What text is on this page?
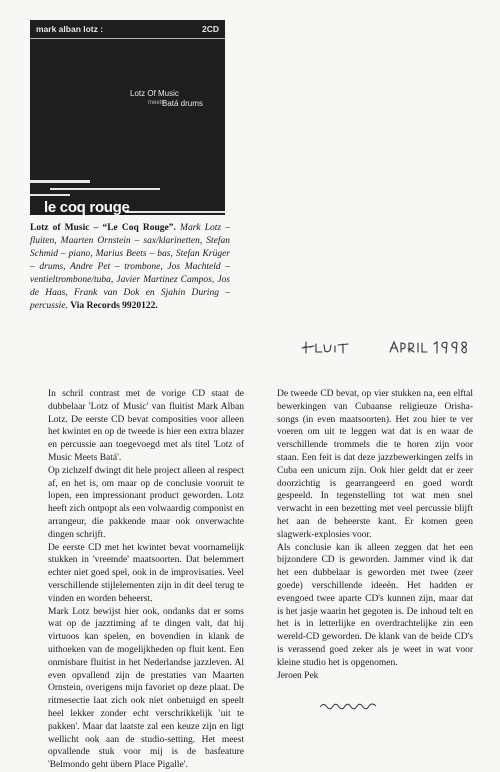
mark alban lotz :	2CD
Lotz Of Music
meets
Batá drums
le coq rouge
Lotz of Music – “Le Coq Rouge”. Mark Lotz – fluiten, Maarten Ornstein – sax/klarinetten, Stefan Schmid – piano, Marius Beets – bas, Stefan Krüger – drums, Andre Pet – trombone, Jos Machteld – ventieltrombone/tuba, Javier Martinez Campos, Jos de Haas, Frank van Dok en Sjahin During – percussie. Via Records 9920122.

In schril contrast met de vorige CD staat de dubbelaar 'Lotz of Music' van fluitist Mark Alban Lotz. De eerste CD bevat composities voor alleen het kwintet en op de tweede is hier een extra blazer en percussie aan toegevoegd met als titel 'Lotz of Music Meets Batá'.

Op zichzelf dwingt dit hele project alleen al respect af, en het is, om maar op de conclusie vooruit te lopen, een impressionant product geworden. Lotz heeft zich ontpopt als een volwaardig componist en arrangeur, die pakkende maar ook onverwachte dingen schrijft.

De eerste CD met het kwintet bevat voornamelijk stukken in 'vreemde' maatsoorten. Dat belemmert echter niet goed spel, ook in de improvisaties. Veel verschillende stijlelementen zijn in dit deel terug te vinden en worden beheerst.

Mark Lotz bewijst hier ook, ondanks dat er soms wat op de jazztiming af te dingen valt, dat hij virtuoos kan spelen, en bovendien in klank de uithoeken van de mogelijkheden op fluit kent. Een onmisbare fluitist in het Nederlandse jazzleven. Al even opvallend zijn de prestaties van Maarten Ornstein, overigens mijn favoriet op deze plaat. De ritmesectie laat zich ook niet onbetuigd en speelt heel lekker zonder echt verschrikkelijk 'uit te pakken'. Maar dat laatste zal een keuze zijn en ligt wellicht ook aan de studio-setting. Het meest opvallende stuk voor mij is de basfeature 'Belmondo geht übern Place Pigalle'.

De tweede CD bevat, op vier stukken na, een elftal bewerkingen van Cubaanse religieuze Orisha-songs (in even maatsoorten). Het zou hier te ver voeren om uit te leggen wat dat is en waar de verschillende trommels die te horen zijn voor staan. Een feit is dat deze jazzbewerkingen zelfs in Cuba een unicum zijn. Ook hier geldt dat er zeer doorzichtig is gearrangeerd en goed wordt gespeeld. In tegenstelling tot wat men snel verwacht in een bezetting met veel percussie blijft het aan de beheerste kant. Er komen geen slagwerk-explosies voor.

Als conclusie kan ik alleen zeggen dat het een bijzondere CD is geworden. Jammer vind ik dat het een dubbelaar is geworden met twee (zeer goede) verschillende ideeën. Het hadden er evengoed twee aparte CD's kunnen zijn, maar dat is het jasje waarin het gegoten is. De inhoud telt en het is in letterlijke en overdrachtelijke zin een wereld-CD geworden. De klank van de beide CD's is verassend goed zeker als je weet in wat voor kleine studio het is opgenomen.

Jeroen Pek
